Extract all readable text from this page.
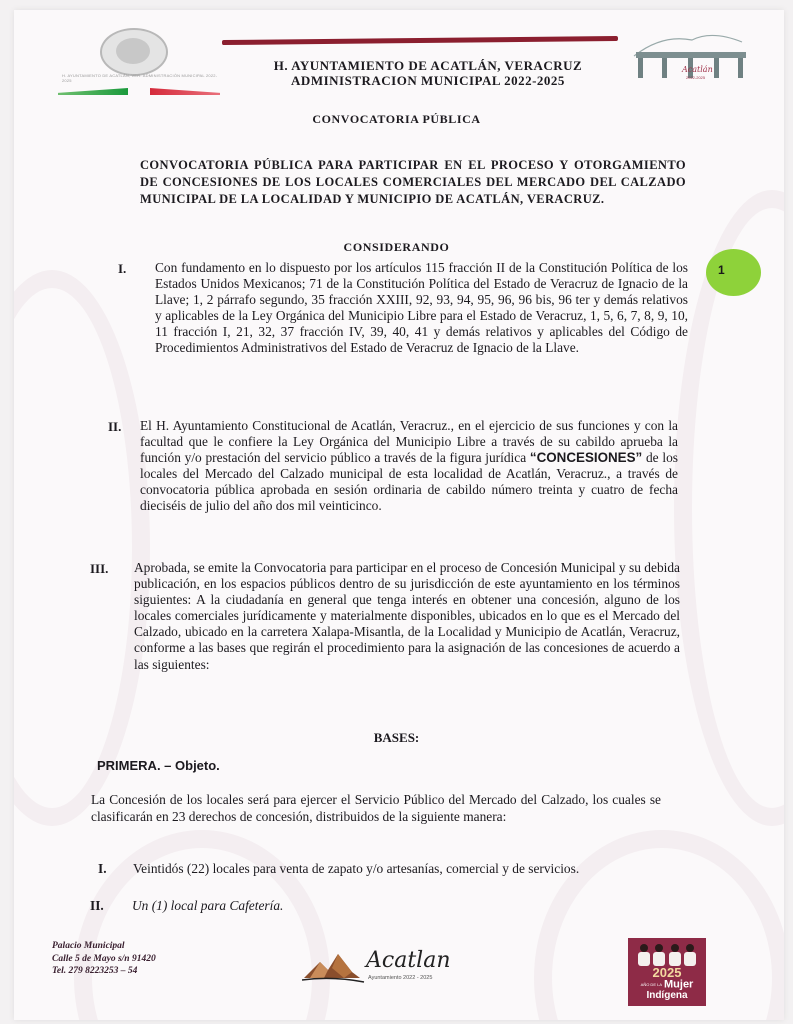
H. AYUNTAMIENTO DE ACATLÁN, VER. ADMINISTRACIÓN MUNICIPAL 2022-2025
H. AYUNTAMIENTO DE ACATLÁN, VERACRUZ
ADMINISTRACION MUNICIPAL 2022-2025
Acatlán
2022-2025
CONVOCATORIA PÚBLICA
CONVOCATORIA PÚBLICA PARA PARTICIPAR EN EL PROCESO Y OTORGAMIENTO DE CONCESIONES DE LOS LOCALES COMERCIALES DEL MERCADO DEL CALZADO MUNICIPAL DE LA LOCALIDAD Y MUNICIPIO DE ACATLÁN, VERACRUZ.
CONSIDERANDO
1
I. Con fundamento en lo dispuesto por los artículos 115 fracción II de la Constitución Política de los Estados Unidos Mexicanos; 71 de la Constitución Política del Estado de Veracruz de Ignacio de la Llave; 1, 2 párrafo segundo, 35 fracción XXIII, 92, 93, 94, 95, 96, 96 bis, 96 ter y demás relativos y aplicables de la Ley Orgánica del Municipio Libre para el Estado de Veracruz, 1, 5, 6, 7, 8, 9, 10, 11 fracción I, 21, 32, 37 fracción IV, 39, 40, 41 y demás relativos y aplicables del Código de Procedimientos Administrativos del Estado de Veracruz de Ignacio de la Llave.
II. El H. Ayuntamiento Constitucional de Acatlán, Veracruz., en el ejercicio de sus funciones y con la facultad que le confiere la Ley Orgánica del Municipio Libre a través de su cabildo aprueba la función y/o prestación del servicio público a través de la figura jurídica “CONCESIONES” de los locales del Mercado del Calzado municipal de esta localidad de Acatlán, Veracruz., a través de convocatoria pública aprobada en sesión ordinaria de cabildo número treinta y cuatro de fecha dieciséis de julio del año dos mil veinticinco.
III. Aprobada, se emite la Convocatoria para participar en el proceso de Concesión Municipal y su debida publicación, en los espacios públicos dentro de su jurisdicción de este ayuntamiento en los términos siguientes: A la ciudadanía en general que tenga interés en obtener una concesión, alguno de los locales comerciales jurídicamente y materialmente disponibles, ubicados en lo que es el Mercado del Calzado, ubicado en la carretera Xalapa-Misantla, de la Localidad y Municipio de Acatlán, Veracruz, conforme a las bases que regirán el procedimiento para la asignación de las concesiones de acuerdo a las siguientes:
BASES:
PRIMERA. – Objeto.
La Concesión de los locales será para ejercer el Servicio Público del Mercado del Calzado, los cuales se clasificarán en 23 derechos de concesión, distribuidos de la siguiente manera:
I. Veintidós (22) locales para venta de zapato y/o artesanías, comercial y de servicios.
II. Un (1) local para Cafetería.
Palacio Municipal
Calle 5 de Mayo s/n 91420
Tel. 279 8223253 – 54	Acatlan
Ayuntamiento 2022 - 2025	2025
AÑO DE LA Mujer
Indígena
